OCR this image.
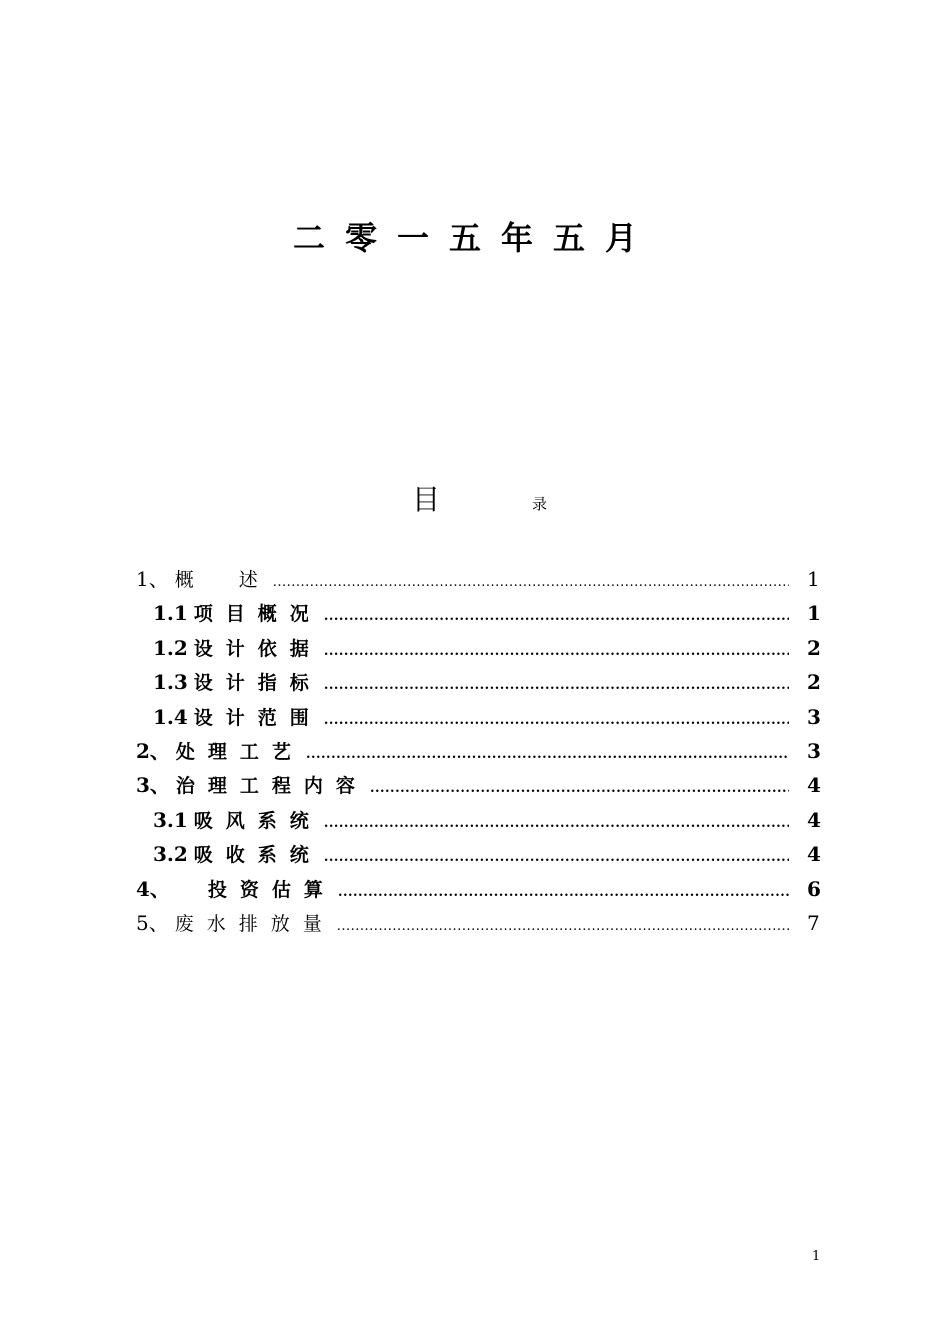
二零一五年五月
目	录
1、 概　述 .....	1
1.1 项目概况 .....	1
1.2 设计依据 .....	2
1.3 设计指标 .....	2
1.4 设计范围 .....	3
2、 处理工艺 .....	3
3、 治理工程内容 .....	4
3.1 吸风系统 .....	4
3.2 吸收系统 .....	4
4、 　投资估算 .....	6
5、 废水排放量 .....	7
1
